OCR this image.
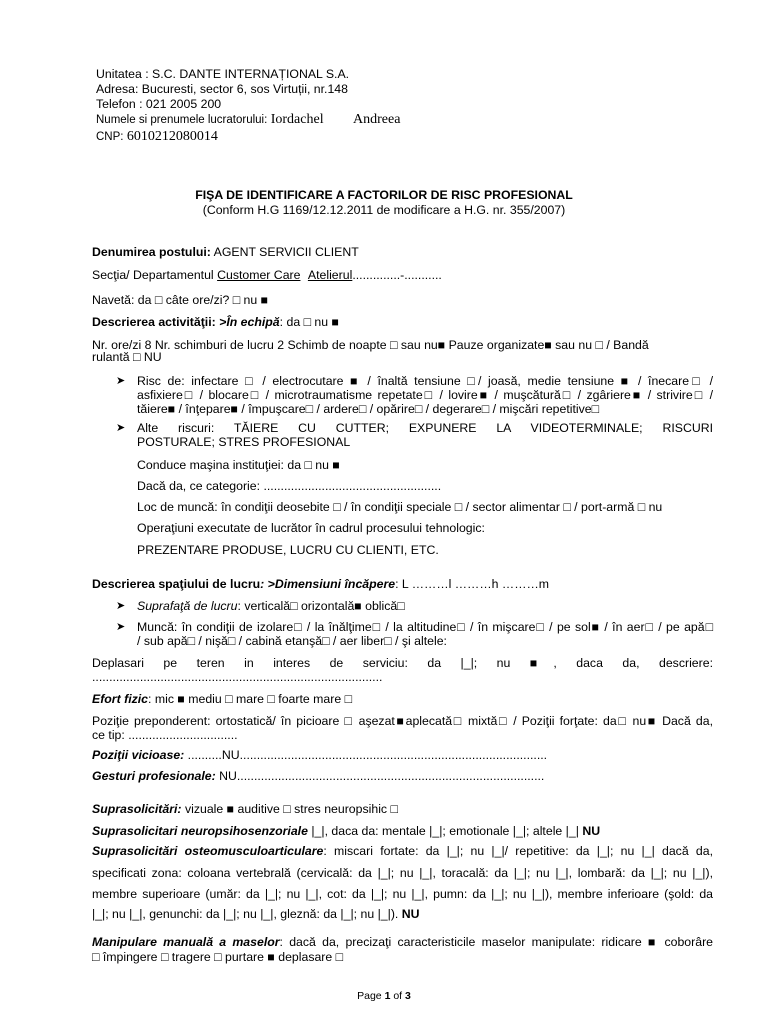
Unitatea : S.C. DANTE INTERNAȚIONAL S.A.
Adresa: Bucuresti, sector 6, sos Virtuții, nr.148
Telefon : 021 2005 200
Numele si prenumele lucratorului: Iordachel Andreea
CNP: 6010212080014
FIŞA DE IDENTIFICARE A FACTORILOR DE RISC PROFESIONAL
(Conform H.G 1169/12.12.2011 de modificare a H.G. nr. 355/2007)
Denumirea postului: AGENT SERVICII CLIENT
Secţia/ Departamentul Customer Care Atelierul..............-...........
Navetă: da □ câte ore/zi? □ nu ■
Descrierea activităţii: >În echipă: da □ nu ■
Nr. ore/zi 8 Nr. schimburi de lucru 2 Schimb de noapte □ sau nu■ Pauze organizate■ sau nu □ / Bandă
rulantă □ NU
➤ Risc de: infectare □ / electrocutare ■ / înaltă tensiune □/ joasă, medie tensiune ■ / înecare□ /
asfixiere□ / blocare□ / microtraumatisme repetate□ / lovire■ / muşcătură□ / zgâriere■ / strivire□ /
tăiere■ / înţepare■ / împuşcare□ / ardere□ / opărire□ / degerare□ / mişcări repetitive□
➤ Alte riscuri: TĂIERE CU CUTTER; EXPUNERE LA VIDEOTERMINALE; RISCURI
POSTURALE; STRES PROFESIONAL
Conduce maşina instituţiei: da □ nu ■
Dacă da, ce categorie: ....................................................
Loc de muncă: în condiţii deosebite □ / în condiţii speciale □ / sector alimentar □ / port-armă □ nu
Operaţiuni executate de lucrător în cadrul procesului tehnologic:
PREZENTARE PRODUSE, LUCRU CU CLIENTI, ETC.
Descrierea spaţiului de lucru: >Dimensiuni încăpere: L ………l ………h ………m
➤ Suprafaţă de lucru: verticală□ orizontală■ oblică□
➤ Muncă: în condiţii de izolare□ / la înălţime□ / la altitudine□ / în mişcare□ / pe sol■ / în aer□ / pe apă□
/ sub apă□ / nişă□ / cabină etanşă□ / aer liber□ / şi altele:
Deplasari pe teren in interes de serviciu: da |_|; nu ■, daca da, descriere:
.....................................................................................
Efort fizic: mic ■ mediu □ mare □ foarte mare □
Poziţie preponderent: ortostatică/ în picioare □ aşezat■aplecată□ mixtă□ / Poziţii forţate: da□ nu■ Dacă da,
ce tip: ................................
Poziţii vicioase: ..........NU..........................................................................................
Gesturi profesionale: NU..........................................................................................
Suprasolicitări: vizuale ■ auditive □ stres neuropsihic □
Suprasolicitari neuropsihosenzoriale |_|, daca da: mentale |_|; emotionale |_|; altele |_| NU
Suprasolicitări osteomusculoarticulare: miscari fortate: da |_|; nu |_|/ repetitive: da |_|; nu |_| dacă da,
specificati zona: coloana vertebrală (cervicală: da |_|; nu |_|, toracală: da |_|; nu |_|, lombară: da |_|; nu |_|),
membre superioare (umăr: da |_|; nu |_|, cot: da |_|; nu |_|, pumn: da |_|; nu |_|), membre inferioare (şold: da
|_|; nu |_|, genunchi: da |_|; nu |_|, gleznă: da |_|; nu |_|). NU
Manipulare manuală a maselor: dacă da, precizaţi caracteristicile maselor manipulate: ridicare ■ coborâre
□ împingere □ tragere □ purtare ■ deplasare □
Page 1 of 3
